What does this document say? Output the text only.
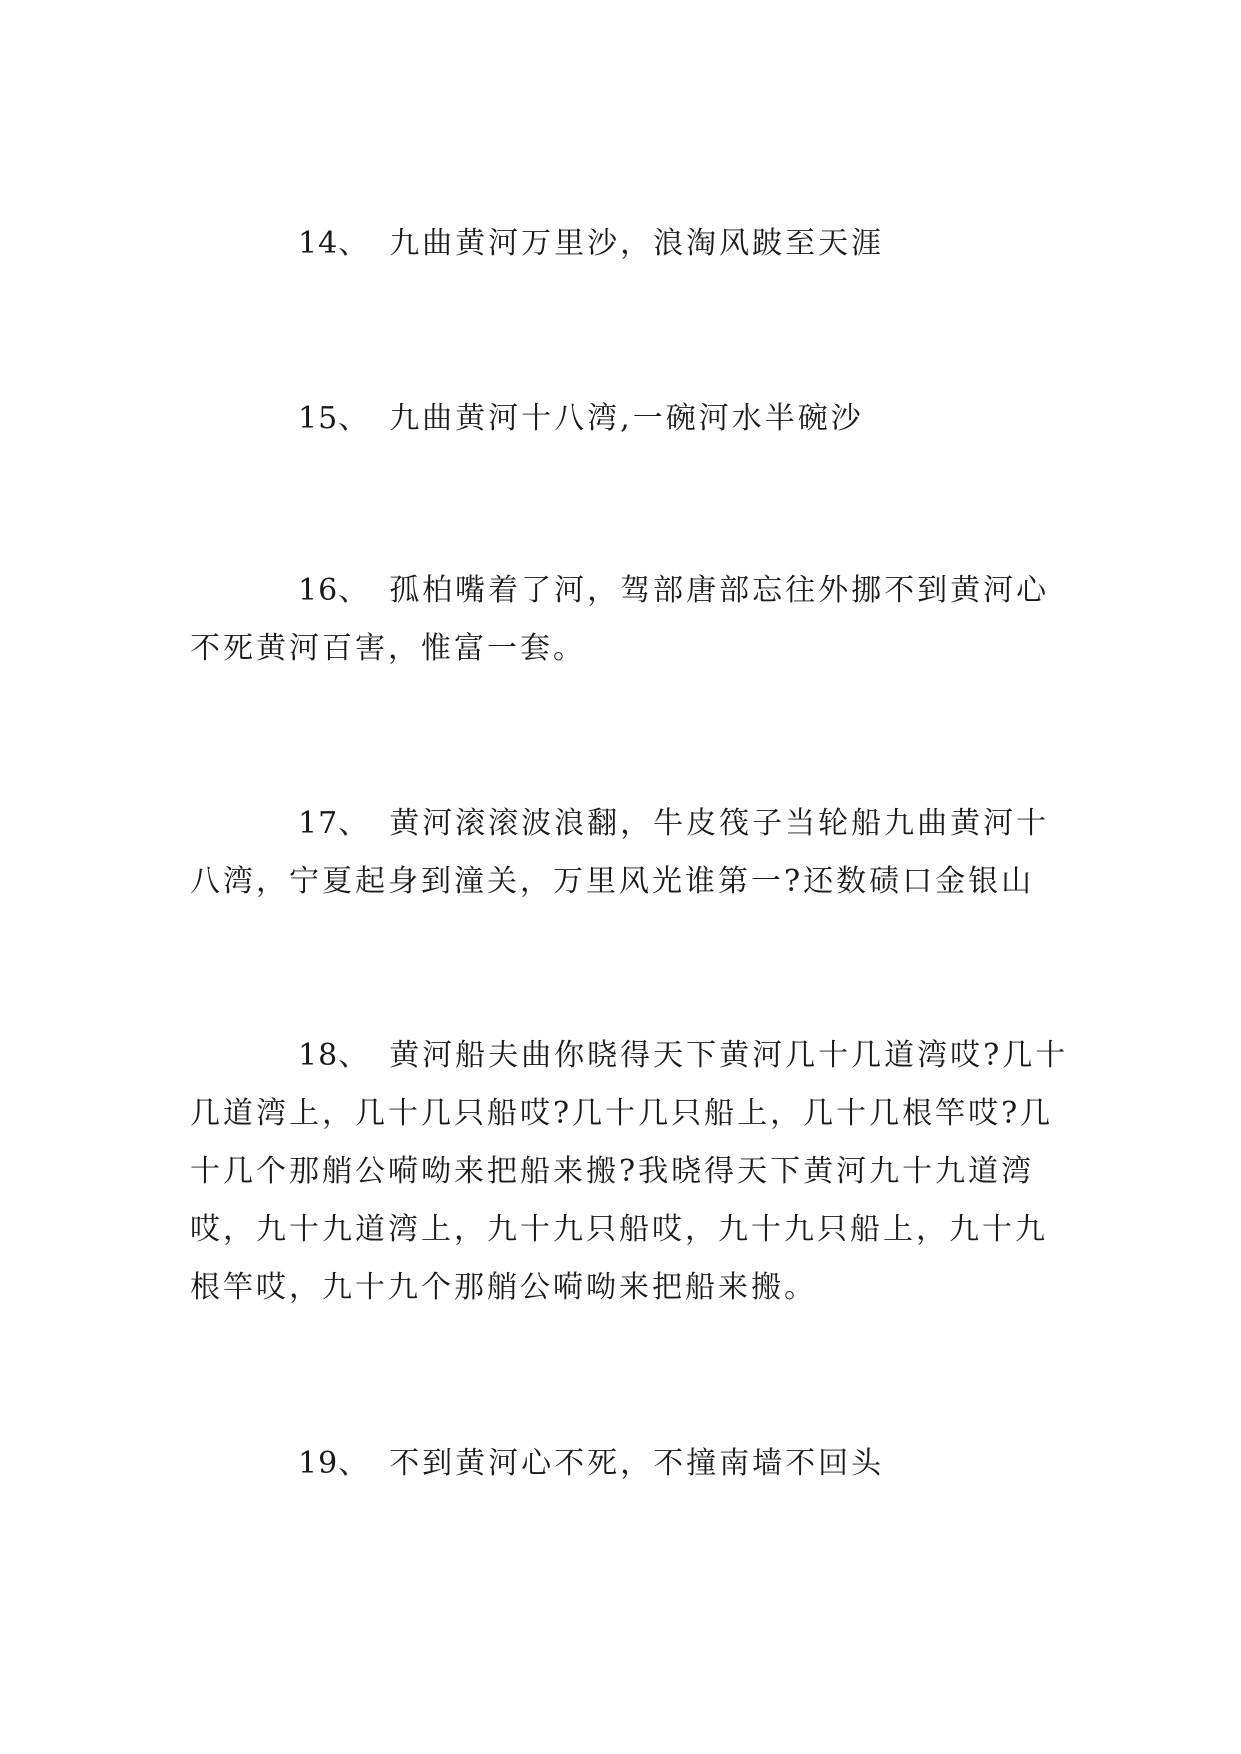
14、 九曲黄河万里沙，浪淘风跛至天涯

15、 九曲黄河十八湾,一碗河水半碗沙

16、 孤柏嘴着了河，驾部唐部忘往外挪不到黄河心不死黄河百害，惟富一套。

17、 黄河滚滚波浪翻，牛皮筏子当轮船九曲黄河十八湾，宁夏起身到潼关，万里风光谁第一?还数碛口金银山

18、 黄河船夫曲你晓得天下黄河几十几道湾哎?几十几道湾上，几十几只船哎?几十几只船上，几十几根竿哎?几十几个那艄公嗬呦来把船来搬?我晓得天下黄河九十九道湾哎，九十九道湾上，九十九只船哎，九十九只船上，九十九根竿哎，九十九个那艄公嗬呦来把船来搬。

19、 不到黄河心不死，不撞南墙不回头
